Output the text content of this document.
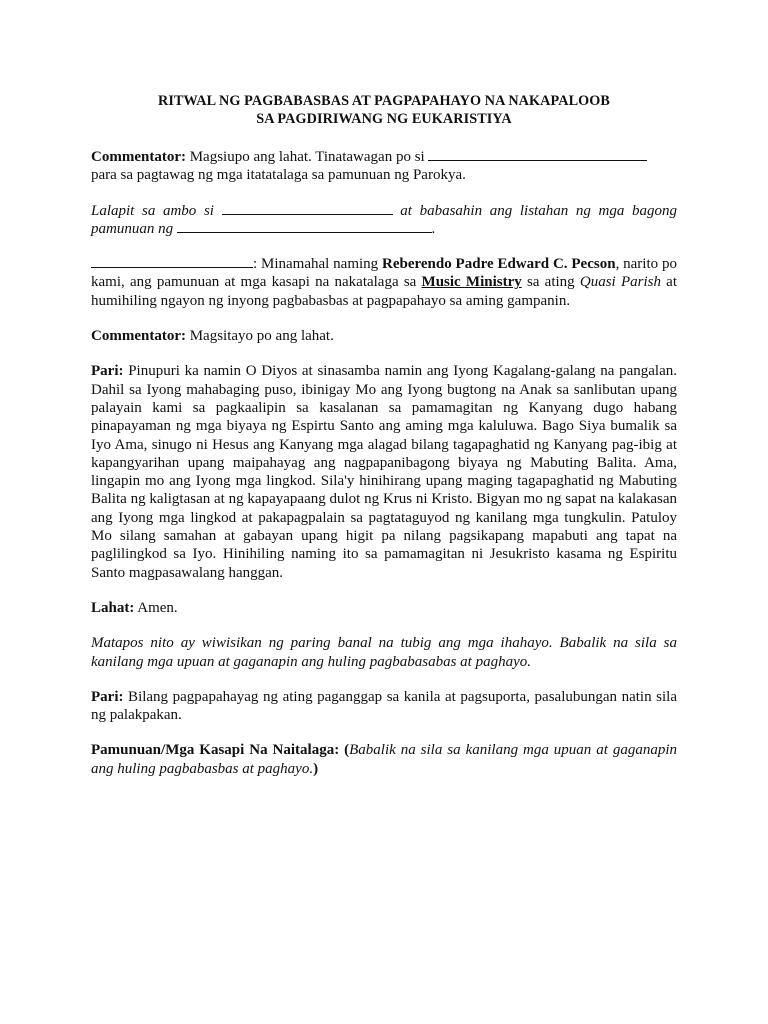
RITWAL NG PAGBABASBAS AT PAGPAPAHAYO NA NAKAPALOOB
SA PAGDIRIWANG NG EUKARISTIYA

Commentator: Magsiupo ang lahat. Tinatawagan po si
para sa pagtawag ng mga itatatalaga sa pamunuan ng Parokya.

Lalapit sa ambo si	at babasahin ang listahan ng mga bagong pamunuan ng	.

: Minamahal naming Reberendo Padre Edward C. Pecson, narito po kami, ang pamunuan at mga kasapi na nakatalaga sa Music Ministry sa ating Quasi Parish at humihiling ngayon ng inyong pagbabasbas at pagpapahayo sa aming gampanin.

Commentator: Magsitayo po ang lahat.

Pari: Pinupuri ka namin O Diyos at sinasamba namin ang Iyong Kagalang-galang na pangalan. Dahil sa Iyong mahabaging puso, ibinigay Mo ang Iyong bugtong na Anak sa sanlibutan upang palayain kami sa pagkaalipin sa kasalanan sa pamamagitan ng Kanyang dugo habang pinapayaman ng mga biyaya ng Espirtu Santo ang aming mga kaluluwa. Bago Siya bumalik sa Iyo Ama, sinugo ni Hesus ang Kanyang mga alagad bilang tagapaghatid ng Kanyang pag-ibig at kapangyarihan upang maipahayag ang nagpapanibagong biyaya ng Mabuting Balita. Ama, lingapin mo ang Iyong mga lingkod. Sila'y hinihirang upang maging tagapaghatid ng Mabuting Balita ng kaligtasan at ng kapayapaang dulot ng Krus ni Kristo. Bigyan mo ng sapat na kalakasan ang Iyong mga lingkod at pakapagpalain sa pagtataguyod ng kanilang mga tungkulin. Patuloy Mo silang samahan at gabayan upang higit pa nilang pagsikapang mapabuti ang tapat na paglilingkod sa Iyo. Hinihiling naming ito sa pamamagitan ni Jesukristo kasama ng Espiritu Santo magpasawalang hanggan.

Lahat: Amen.

Matapos nito ay wiwisikan ng paring banal na tubig ang mga ihahayo. Babalik na sila sa kanilang mga upuan at gaganapin ang huling pagbabasabas at paghayo.

Pari: Bilang pagpapahayag ng ating paganggap sa kanila at pagsuporta, pasalubungan natin sila ng palakpakan.

Pamunuan/Mga Kasapi Na Naitalaga: (Babalik na sila sa kanilang mga upuan at gaganapin ang huling pagbabasbas at paghayo.)
